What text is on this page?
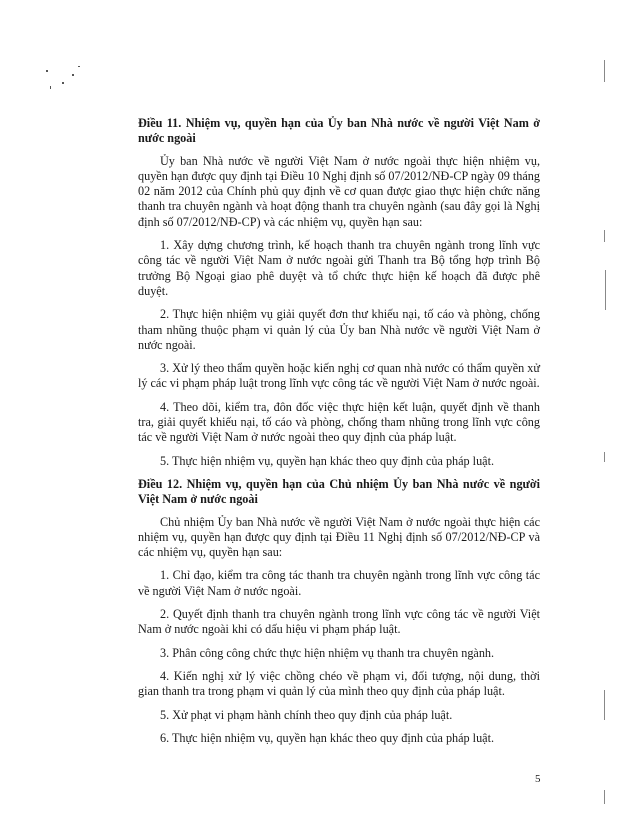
Điều 11. Nhiệm vụ, quyền hạn của Ủy ban Nhà nước về người Việt Nam ở nước ngoài

Ủy ban Nhà nước về người Việt Nam ở nước ngoài thực hiện nhiệm vụ, quyền hạn được quy định tại Điều 10 Nghị định số 07/2012/NĐ-CP ngày 09 tháng 02 năm 2012 của Chính phủ quy định về cơ quan được giao thực hiện chức năng thanh tra chuyên ngành và hoạt động thanh tra chuyên ngành (sau đây gọi là Nghị định số 07/2012/NĐ-CP) và các nhiệm vụ, quyền hạn sau:

1. Xây dựng chương trình, kế hoạch thanh tra chuyên ngành trong lĩnh vực công tác về người Việt Nam ở nước ngoài gửi Thanh tra Bộ tổng hợp trình Bộ trưởng Bộ Ngoại giao phê duyệt và tổ chức thực hiện kế hoạch đã được phê duyệt.

2. Thực hiện nhiệm vụ giải quyết đơn thư khiếu nại, tố cáo và phòng, chống tham nhũng thuộc phạm vi quản lý của Ủy ban Nhà nước về người Việt Nam ở nước ngoài.

3. Xử lý theo thẩm quyền hoặc kiến nghị cơ quan nhà nước có thẩm quyền xử lý các vi phạm pháp luật trong lĩnh vực công tác về người Việt Nam ở nước ngoài.

4. Theo dõi, kiểm tra, đôn đốc việc thực hiện kết luận, quyết định về thanh tra, giải quyết khiếu nại, tố cáo và phòng, chống tham nhũng trong lĩnh vực công tác về người Việt Nam ở nước ngoài theo quy định của pháp luật.

5. Thực hiện nhiệm vụ, quyền hạn khác theo quy định của pháp luật.

Điều 12. Nhiệm vụ, quyền hạn của Chủ nhiệm Ủy ban Nhà nước về người Việt Nam ở nước ngoài

Chủ nhiệm Ủy ban Nhà nước về người Việt Nam ở nước ngoài thực hiện các nhiệm vụ, quyền hạn được quy định tại Điều 11 Nghị định số 07/2012/NĐ-CP và các nhiệm vụ, quyền hạn sau:

1. Chỉ đạo, kiểm tra công tác thanh tra chuyên ngành trong lĩnh vực công tác về người Việt Nam ở nước ngoài.

2. Quyết định thanh tra chuyên ngành trong lĩnh vực công tác về người Việt Nam ở nước ngoài khi có dấu hiệu vi phạm pháp luật.

3. Phân công công chức thực hiện nhiệm vụ thanh tra chuyên ngành.

4. Kiến nghị xử lý việc chồng chéo về phạm vi, đối tượng, nội dung, thời gian thanh tra trong phạm vi quản lý của mình theo quy định của pháp luật.

5. Xử phạt vi phạm hành chính theo quy định của pháp luật.

6. Thực hiện nhiệm vụ, quyền hạn khác theo quy định của pháp luật.

5
